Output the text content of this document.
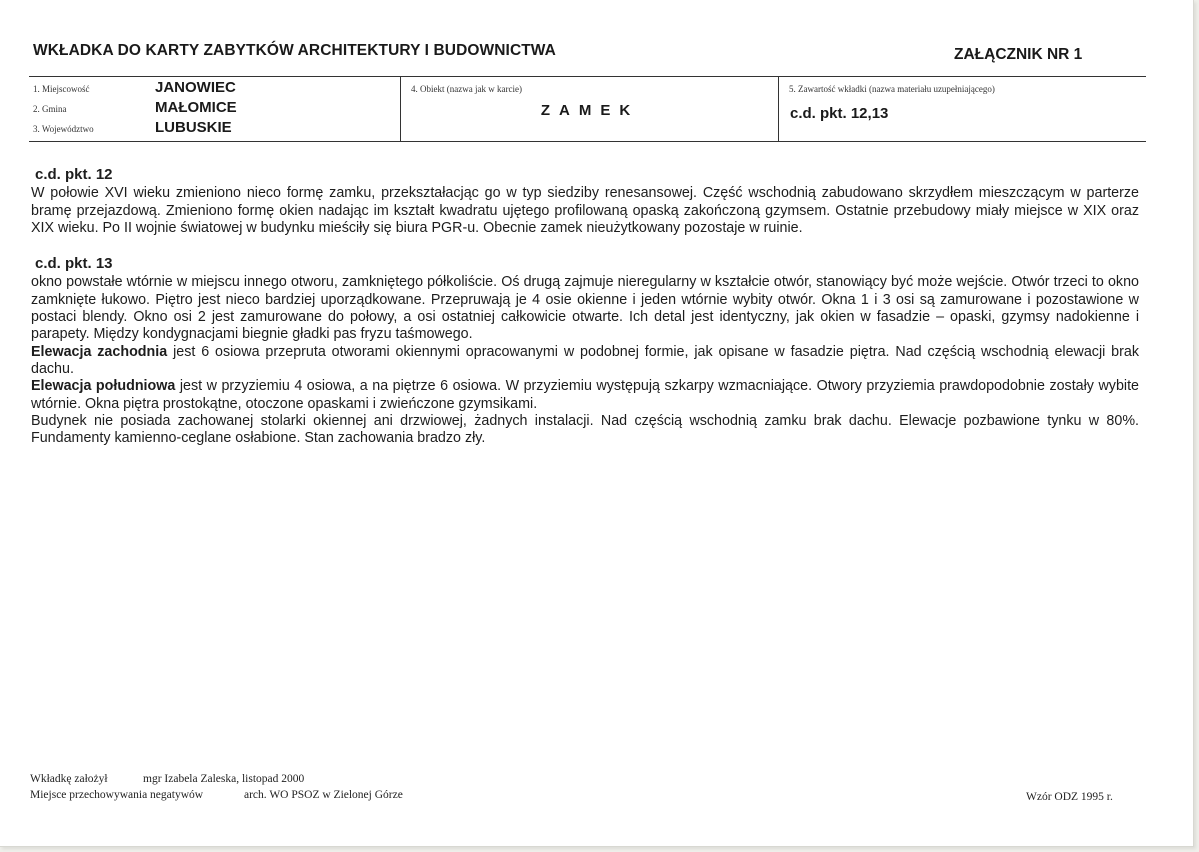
WKŁADKA DO KARTY ZABYTKÓW ARCHITEKTURY I BUDOWNICTWA	ZAŁĄCZNIK NR 1
1. Miejscowość	JANOWIEC
2. Gmina	MAŁOMICE
3. Województwo	LUBUSKIE
4. Obiekt (nazwa jak w karcie)
ZAMEK
5. Zawartość wkładki (nazwa materiału uzupełniającego)
c.d. pkt. 12,13
c.d. pkt. 12

W połowie XVI wieku zmieniono nieco formę zamku, przekształacjąc go w typ siedziby renesansowej. Część wschodnią zabudowano skrzydłem mieszczącym w parterze bramę przejazdową. Zmieniono formę okien nadając im kształt kwadratu ujętego profilowaną opaską zakończoną gzymsem. Ostatnie przebudowy miały miejsce w XIX oraz XIX wieku. Po II wojnie światowej w budynku mieściły się biura PGR-u. Obecnie zamek nieużytkowany pozostaje w ruinie.

c.d. pkt. 13

okno powstałe wtórnie w miejscu innego otworu, zamkniętego półkoliście. Oś drugą zajmuje nieregularny w kształcie otwór, stanowiący być może wejście. Otwór trzeci to okno zamknięte łukowo. Piętro jest nieco bardziej uporządkowane. Przepruwają je 4 osie okienne i jeden wtórnie wybity otwór. Okna 1 i 3 osi są zamurowane i pozostawione w postaci blendy. Okno osi 2 jest zamurowane do połowy, a osi ostatniej całkowicie otwarte. Ich detal jest identyczny, jak okien w fasadzie – opaski, gzymsy nadokienne i parapety. Między kondygnacjami biegnie gładki pas fryzu taśmowego.

Elewacja zachodnia jest 6 osiowa przepruta otworami okiennymi opracowanymi w podobnej formie, jak opisane w fasadzie piętra. Nad częścią wschodnią elewacji brak dachu.

Elewacja południowa jest w przyziemiu 4 osiowa, a na piętrze 6 osiowa. W przyziemiu występują szkarpy wzmacniające. Otwory przyziemia prawdopodobnie zostały wybite wtórnie. Okna piętra prostokątne, otoczone opaskami i zwieńczone gzymsikami.

Budynek nie posiada zachowanej stolarki okiennej ani drzwiowej, żadnych instalacji. Nad częścią wschodnią zamku brak dachu. Elewacje pozbawione tynku w 80%. Fundamenty kamienno-ceglane osłabione. Stan zachowania bradzo zły.

Wkładkę założył	mgr Izabela Zaleska, listopad 2000
Miejsce przechowywania negatywów	arch. WO PSOZ w Zielonej Górze	Wzór ODZ 1995 r.
